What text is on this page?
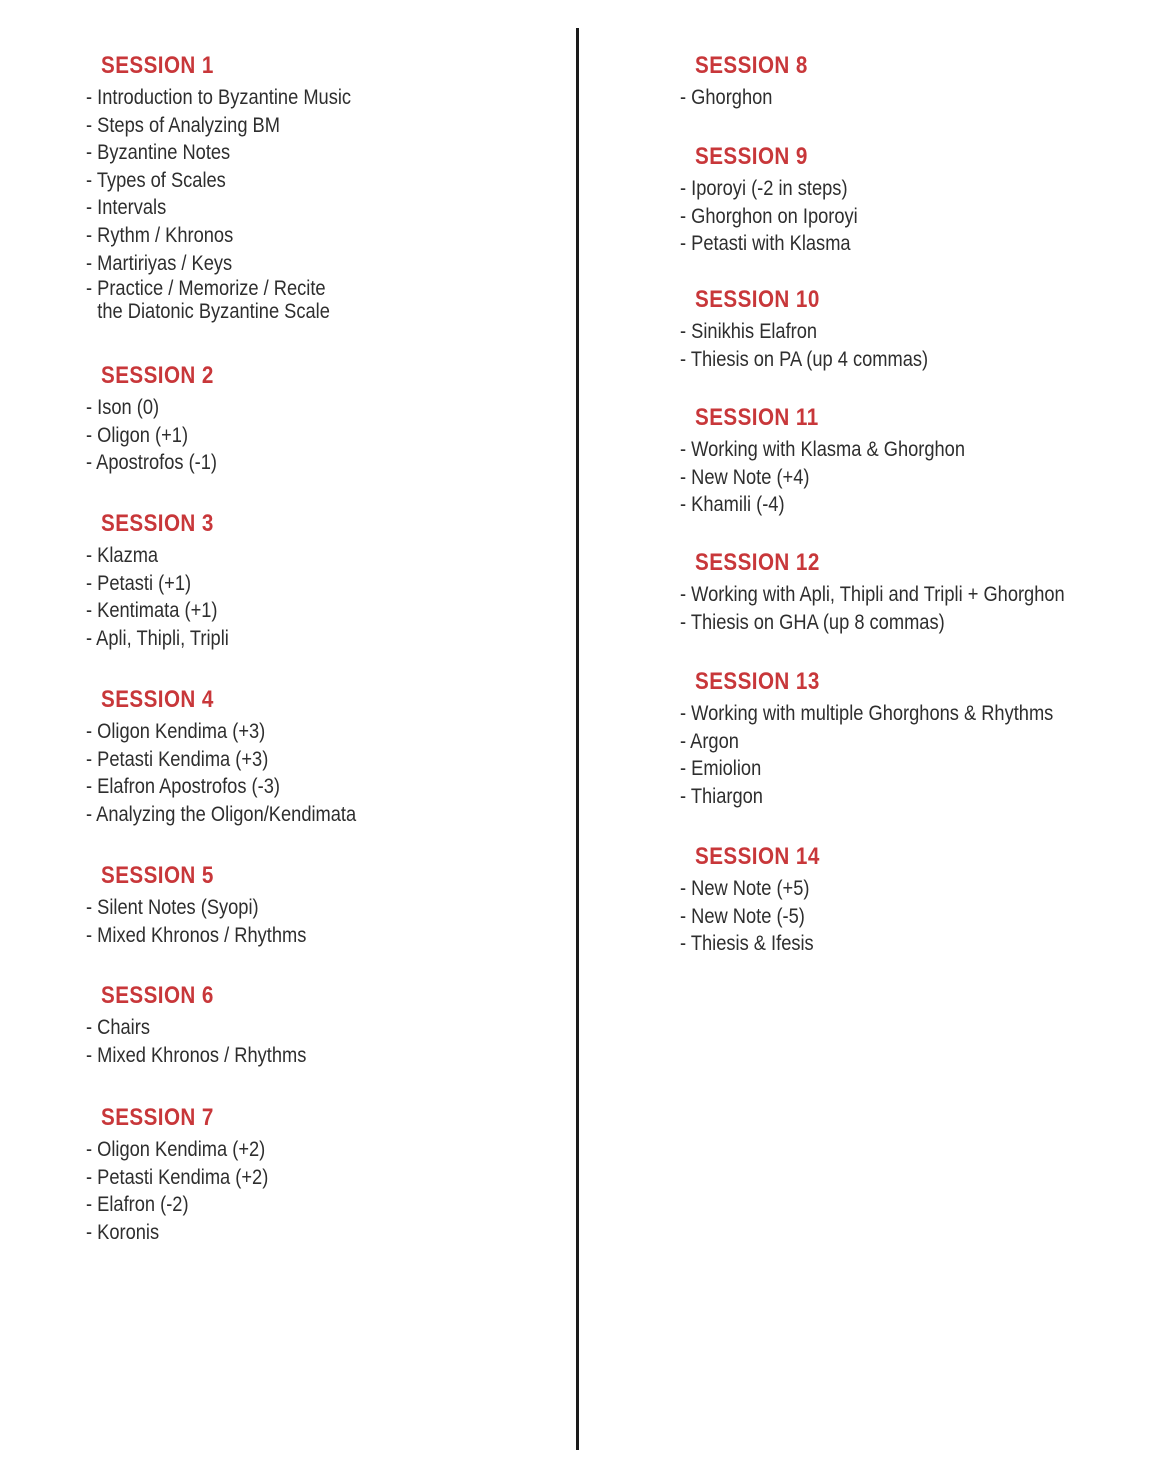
SESSION 1
- Introduction to Byzantine Music
- Steps of Analyzing BM
- Byzantine Notes
- Types of Scales
- Intervals
- Rythm / Khronos
- Martiriyas / Keys
- Practice / Memorize / Recite
the Diatonic Byzantine Scale
SESSION 2
- Ison (0)
- Oligon (+1)
- Apostrofos (-1)
SESSION 3
- Klazma
- Petasti (+1)
- Kentimata (+1)
- Apli, Thipli, Tripli
SESSION 4
- Oligon Kendima (+3)
- Petasti Kendima (+3)
- Elafron Apostrofos (-3)
- Analyzing the Oligon/Kendimata
SESSION 5
- Silent Notes (Syopi)
- Mixed Khronos / Rhythms
SESSION 6
- Chairs
- Mixed Khronos / Rhythms
SESSION 7
- Oligon Kendima (+2)
- Petasti Kendima (+2)
- Elafron (-2)
- Koronis
SESSION 8
- Ghorghon
SESSION 9
- Iporoyi (-2 in steps)
- Ghorghon on Iporoyi
- Petasti with Klasma
SESSION 10
- Sinikhis Elafron
- Thiesis on PA (up 4 commas)
SESSION 11
- Working with Klasma & Ghorghon
- New Note (+4)
- Khamili (-4)
SESSION 12
- Working with Apli, Thipli and Tripli + Ghorghon
- Thiesis on GHA (up 8 commas)
SESSION 13
- Working with multiple Ghorghons & Rhythms
- Argon
- Emiolion
- Thiargon
SESSION 14
- New Note (+5)
- New Note (-5)
- Thiesis & Ifesis
